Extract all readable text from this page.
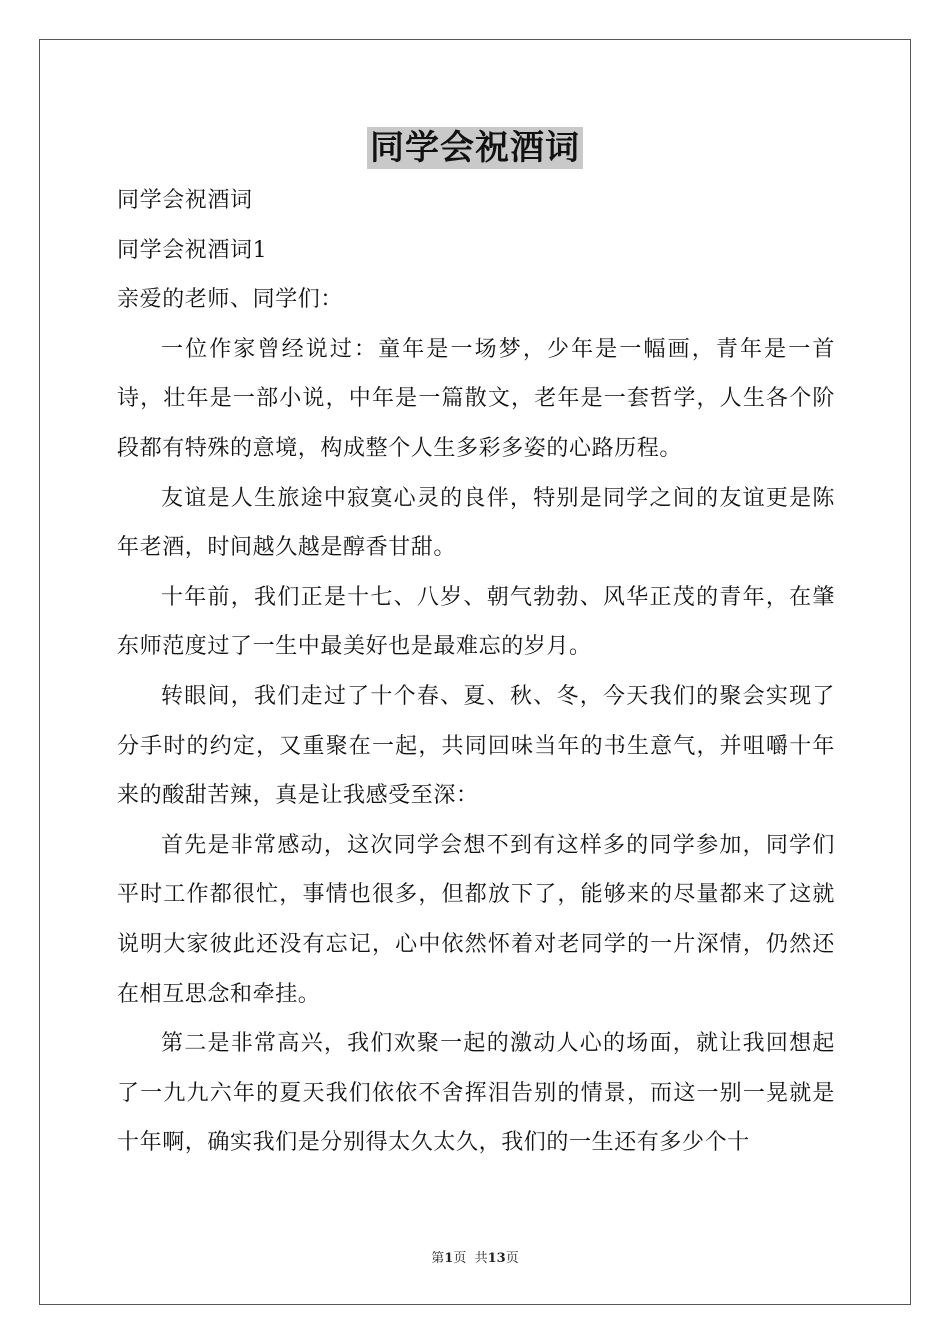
同学会祝酒词
同学会祝酒词
同学会祝酒词1
亲爱的老师、同学们：

一位作家曾经说过：童年是一场梦，少年是一幅画，青年是一首诗，壮年是一部小说，中年是一篇散文，老年是一套哲学，人生各个阶段都有特殊的意境，构成整个人生多彩多姿的心路历程。

友谊是人生旅途中寂寞心灵的良伴，特别是同学之间的友谊更是陈年老酒，时间越久越是醇香甘甜。

十年前，我们正是十七、八岁、朝气勃勃、风华正茂的青年，在肇东师范度过了一生中最美好也是最难忘的岁月。

转眼间，我们走过了十个春、夏、秋、冬，今天我们的聚会实现了分手时的约定，又重聚在一起，共同回味当年的书生意气，并咀嚼十年来的酸甜苦辣，真是让我感受至深：

首先是非常感动，这次同学会想不到有这样多的同学参加，同学们平时工作都很忙，事情也很多，但都放下了，能够来的尽量都来了这就说明大家彼此还没有忘记，心中依然怀着对老同学的一片深情，仍然还在相互思念和牵挂。

第二是非常高兴，我们欢聚一起的激动人心的场面，就让我回想起了一九九六年的夏天我们依依不舍挥泪告别的情景，而这一别一晃就是十年啊，确实我们是分别得太久太久，我们的一生还有多少个十

第1页  共13页
